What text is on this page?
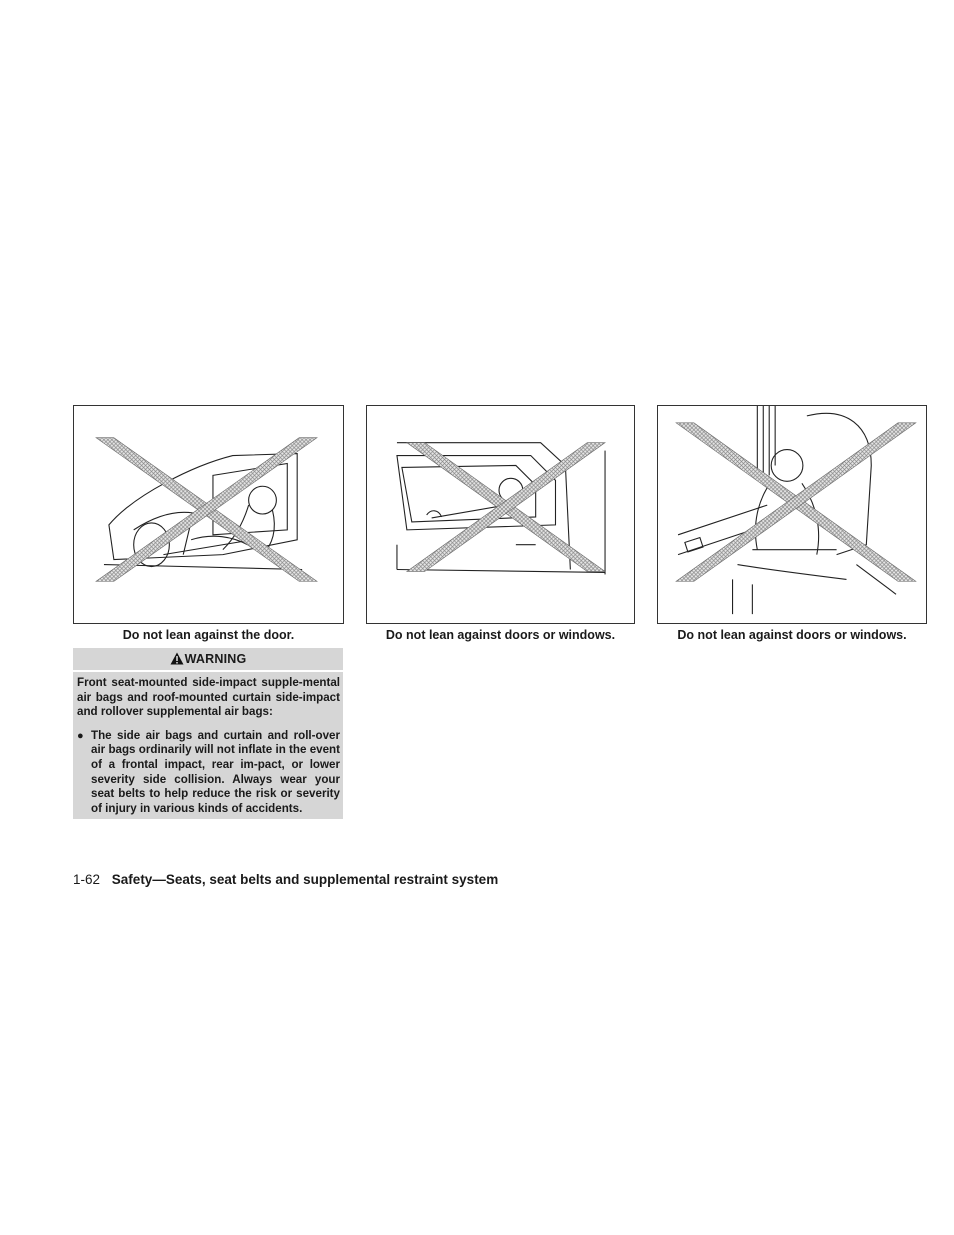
Do not lean against the door.	Do not lean against doors or windows.	Do not lean against doors or windows.
WARNING

Front seat-mounted side-impact supple-mental air bags and roof-mounted curtain side-impact and rollover supplemental air bags:

● The side air bags and curtain and roll-over air bags ordinarily will not inflate in the event of a frontal impact, rear im-pact, or lower severity side collision. Always wear your seat belts to help reduce the risk or severity of injury in various kinds of accidents.
1-62 Safety—Seats, seat belts and supplemental restraint system
